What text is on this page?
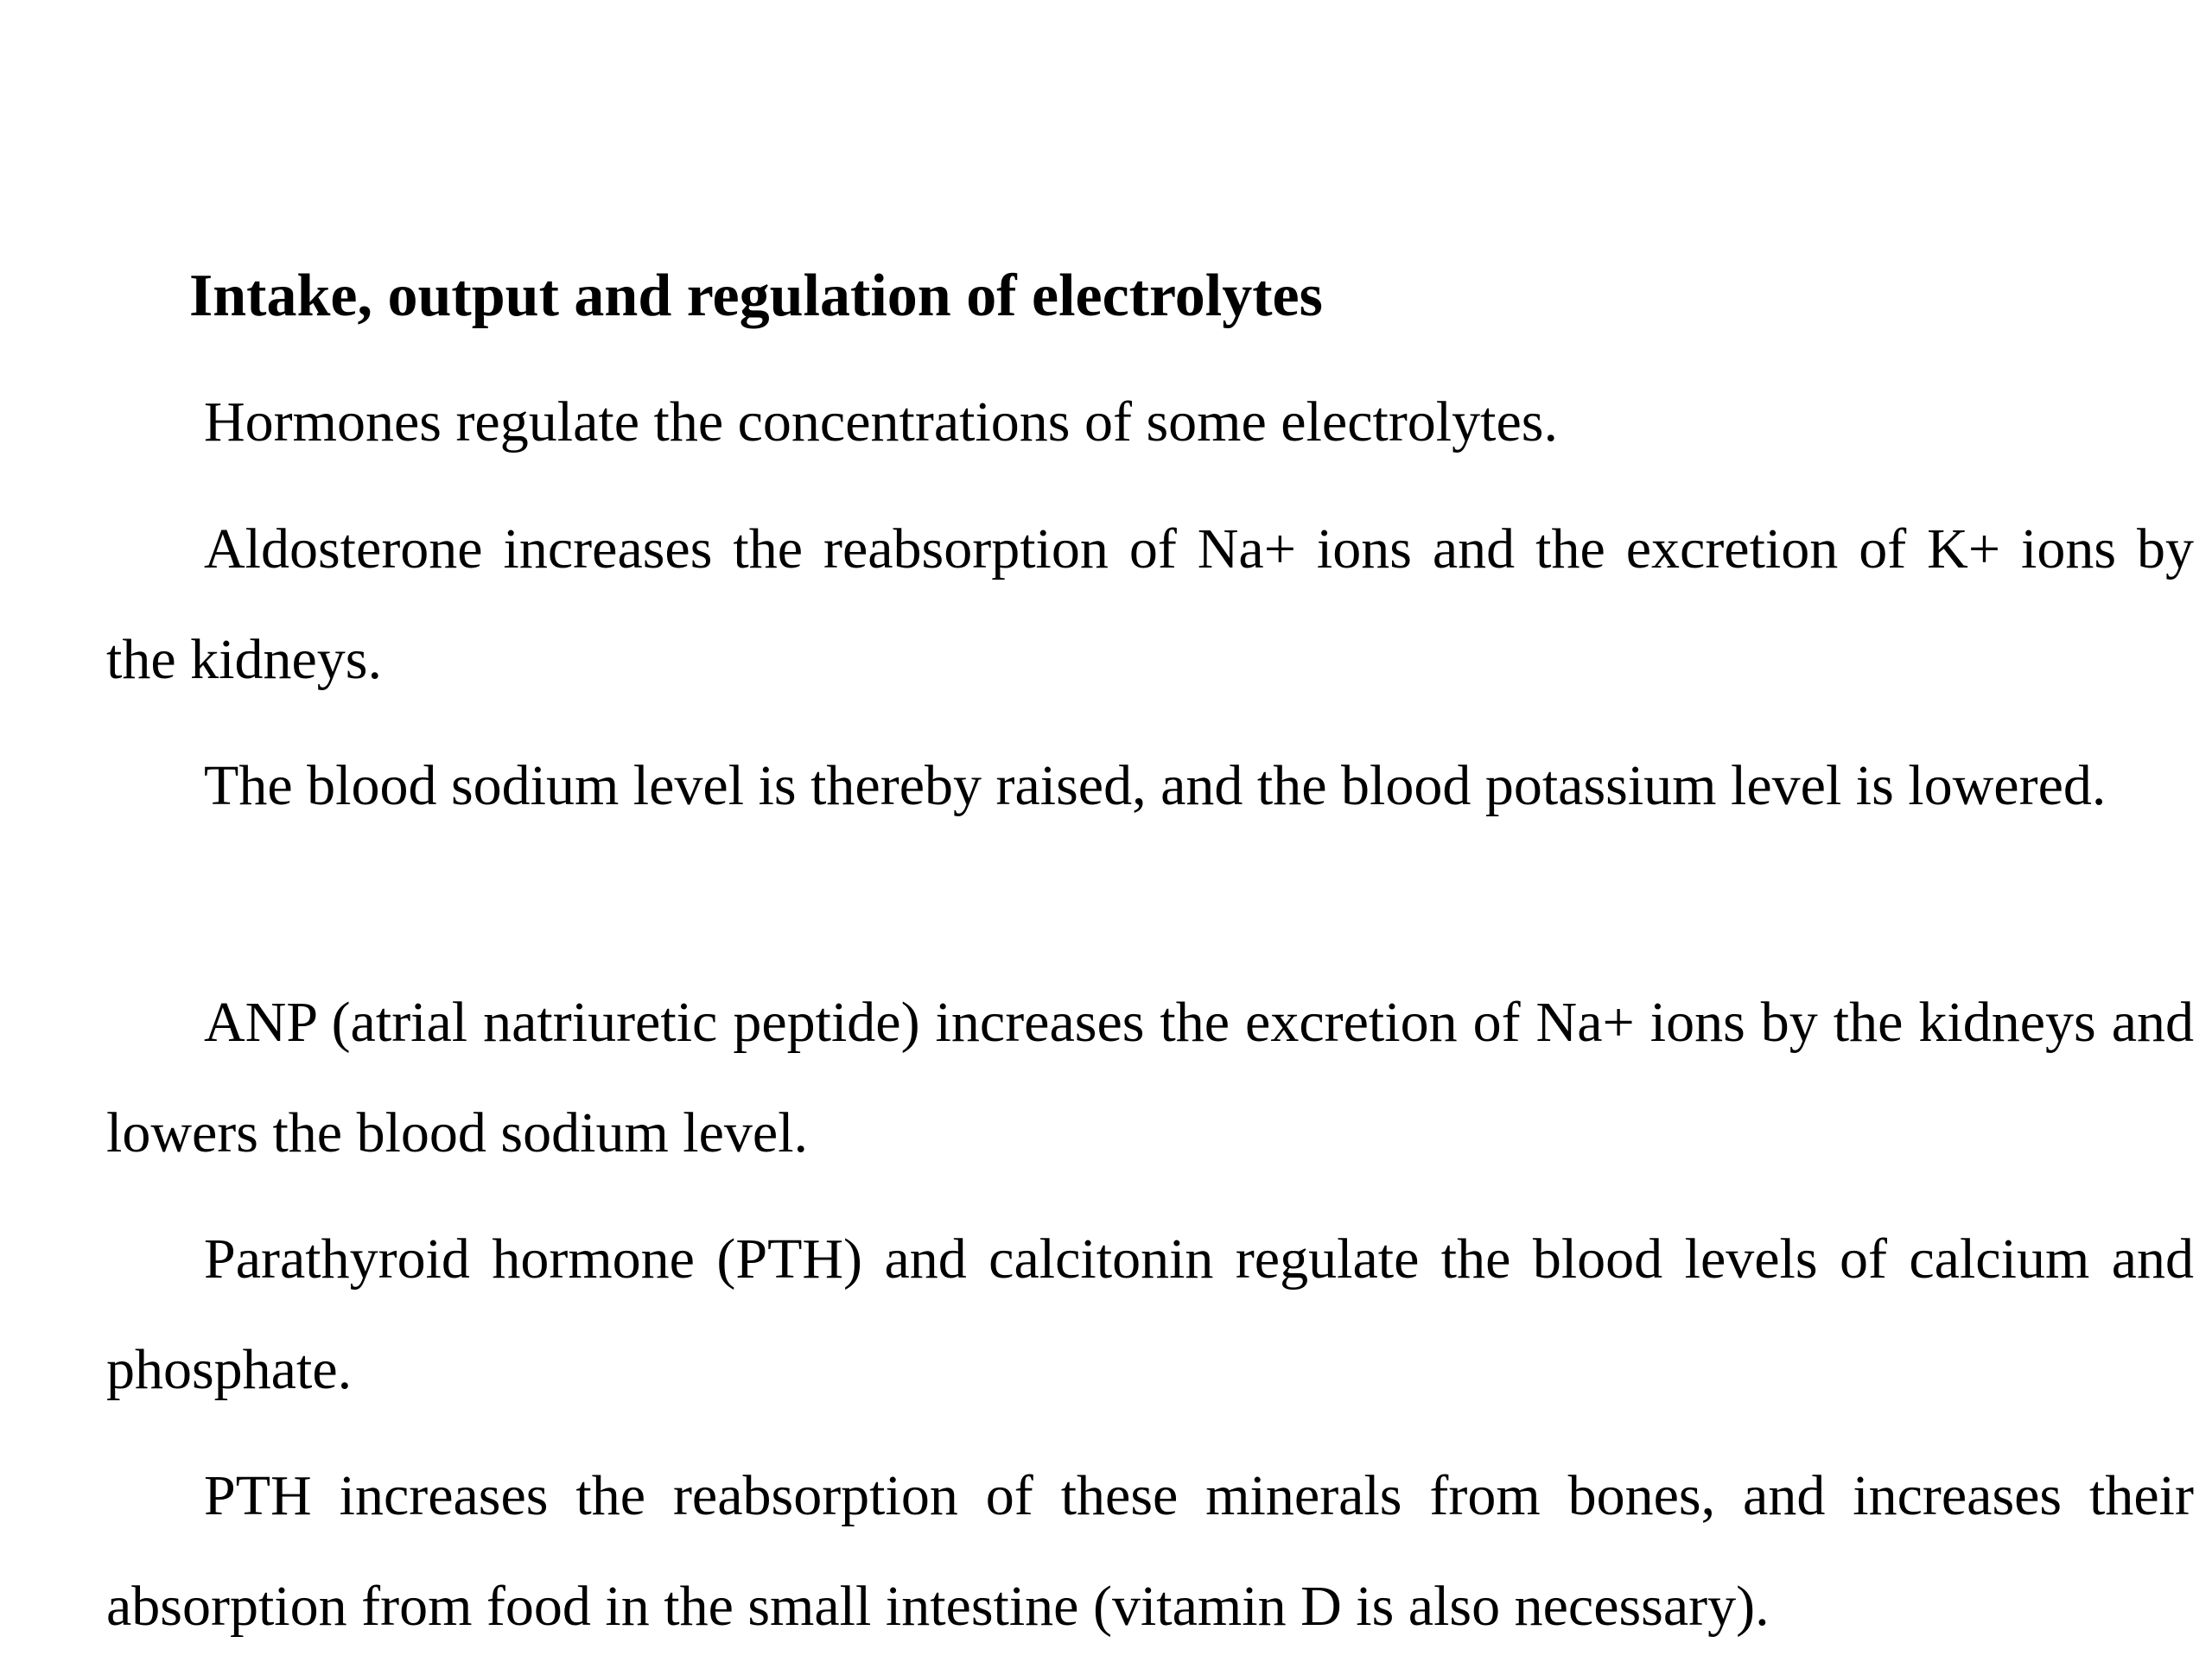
Intake, output and regulation of electrolytes

Hormones regulate the concentrations of some electrolytes.

Aldosterone increases the reabsorption of Na+ ions and the excretion of K+ ions by the kidneys.

The blood sodium level is thereby raised, and the blood potassium level is lowered.

ANP (atrial natriuretic peptide) increases the excretion of Na+ ions by the kidneys and lowers the blood sodium level.

Parathyroid hormone (PTH) and calcitonin regulate the blood levels of calcium and phosphate.

PTH increases the reabsorption of these minerals from bones, and increases their absorption from food in the small intestine (vitamin D is also necessary).
